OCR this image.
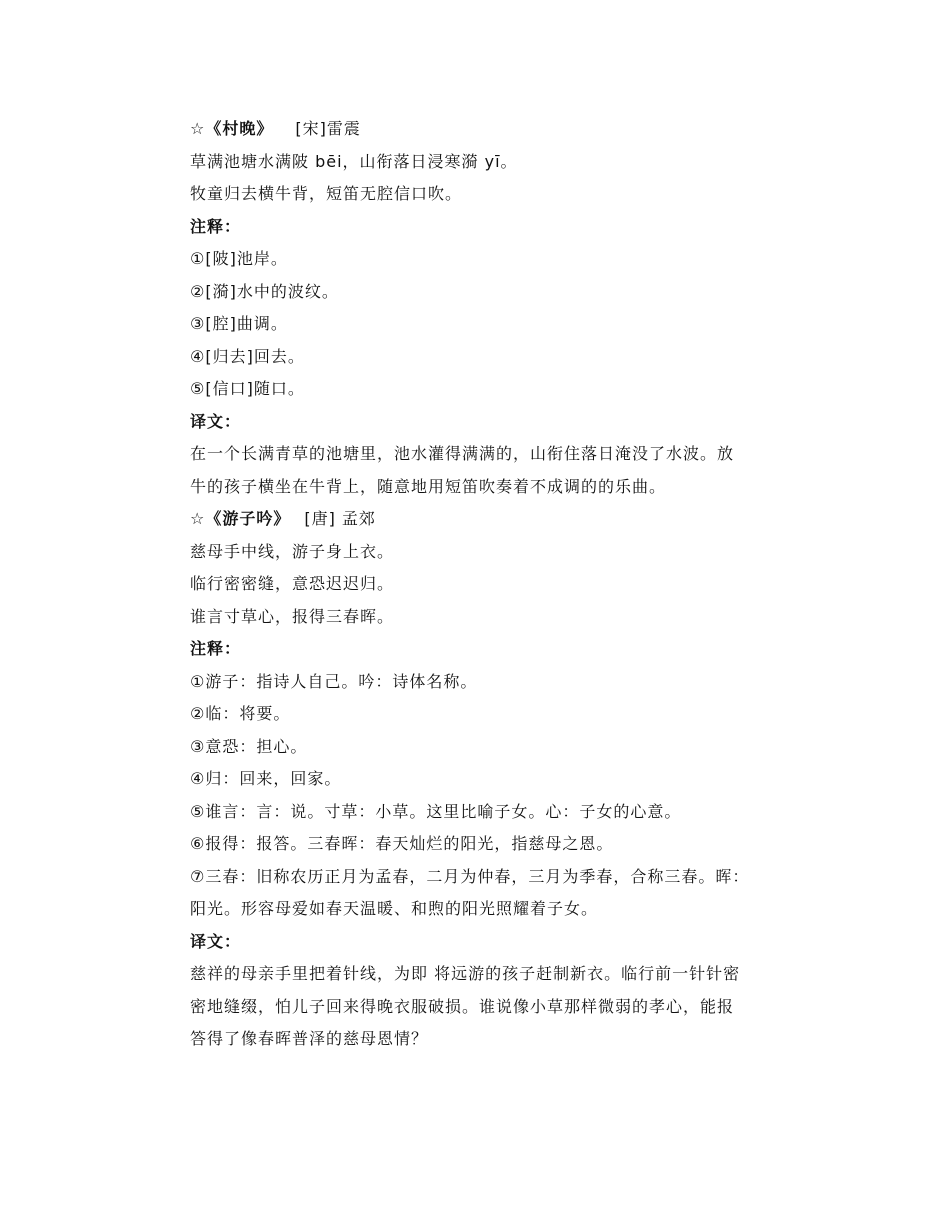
☆《村晚》 [宋]雷震
草满池塘水满陂 bēi，山衔落日浸寒漪 yī。
牧童归去横牛背，短笛无腔信口吹。
注释：
①[陂]池岸。
②[漪]水中的波纹。
③[腔]曲调。
④[归去]回去。
⑤[信口]随口。
译文：
在一个长满青草的池塘里，池水灌得满满的，山衔住落日淹没了水波。放牛的孩子横坐在牛背上，随意地用短笛吹奏着不成调的的乐曲。
☆《游子吟》 [唐] 孟郊
慈母手中线，游子身上衣。
临行密密缝，意恐迟迟归。
谁言寸草心，报得三春晖。
注释：
①游子：指诗人自己。吟：诗体名称。
②临：将要。
③意恐：担心。
④归：回来，回家。
⑤谁言：言：说。寸草：小草。这里比喻子女。心：子女的心意。
⑥报得：报答。三春晖：春天灿烂的阳光，指慈母之恩。
⑦三春：旧称农历正月为孟春，二月为仲春，三月为季春，合称三春。晖：阳光。形容母爱如春天温暖、和煦的阳光照耀着子女。
译文：
慈祥的母亲手里把着针线，为即 将远游的孩子赶制新衣。临行前一针针密密地缝缀，怕儿子回来得晚衣服破损。谁说像小草那样微弱的孝心，能报答得了像春晖普泽的慈母恩情？
